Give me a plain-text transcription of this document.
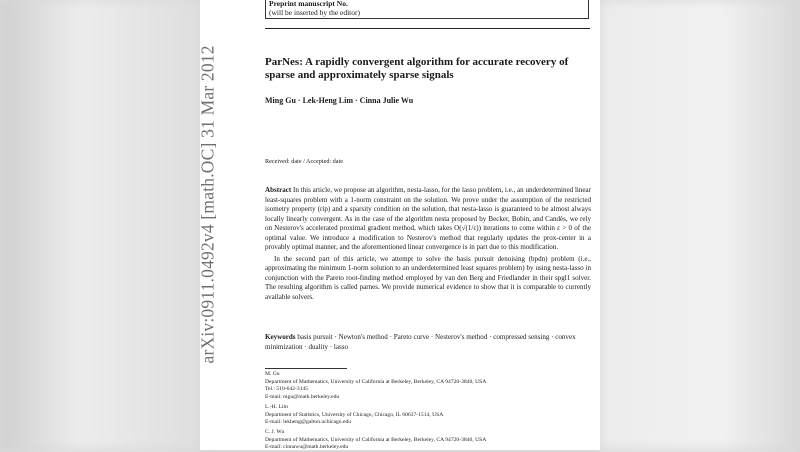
arXiv:0911.0492v4 [math.OC] 31 Mar 2012
Preprint manuscript No.
(will be inserted by the editor)
ParNes: A rapidly convergent algorithm for accurate recovery of sparse and approximately sparse signals
Ming Gu · Lek-Heng Lim · Cinna Julie Wu
Received: date / Accepted: date

Abstract In this article, we propose an algorithm, nesta-lasso, for the lasso problem, i.e., an underdetermined linear least-squares problem with a 1-norm constraint on the solution. We prove under the assumption of the restricted isometry property (rip) and a sparsity condition on the solution, that nesta-lasso is guaranteed to be almost always locally linearly convergent. As in the case of the algorithm nesta proposed by Becker, Bobin, and Candès, we rely on Nesterov's accelerated proximal gradient method, which takes O(√(1/ε)) iterations to come within ε > 0 of the optimal value. We introduce a modification to Nesterov's method that regularly updates the prox-center in a provably optimal manner, and the aforementioned linear convergence is in part due to this modification.

In the second part of this article, we attempt to solve the basis pursuit denoising (bpdn) problem (i.e., approximating the minimum 1-norm solution to an underdetermined least squares problem) by using nesta-lasso in conjunction with the Pareto root-finding method employed by van den Berg and Friedlander in their spgl1 solver. The resulting algorithm is called parnes. We provide numerical evidence to show that it is comparable to currently available solvers.

Keywords basis pursuit · Newton's method · Pareto curve · Nesterov's method · compressed sensing · convex minimization · duality · lasso
M. Gu
Department of Mathematics, University of California at Berkeley, Berkeley, CA 94720-3840, USA
Tel.: 510-642-3145
E-mail: mgu@math.berkeley.edu
L.-H. Lim
Department of Statistics, University of Chicago, Chicago, IL 60637-1514, USA
E-mail: lekheng@galton.uchicago.edu
C. J. Wu
Department of Mathematics, University of California at Berkeley, Berkeley, CA 94720-3840, USA
E-mail: cinnawu@math.berkeley.edu
